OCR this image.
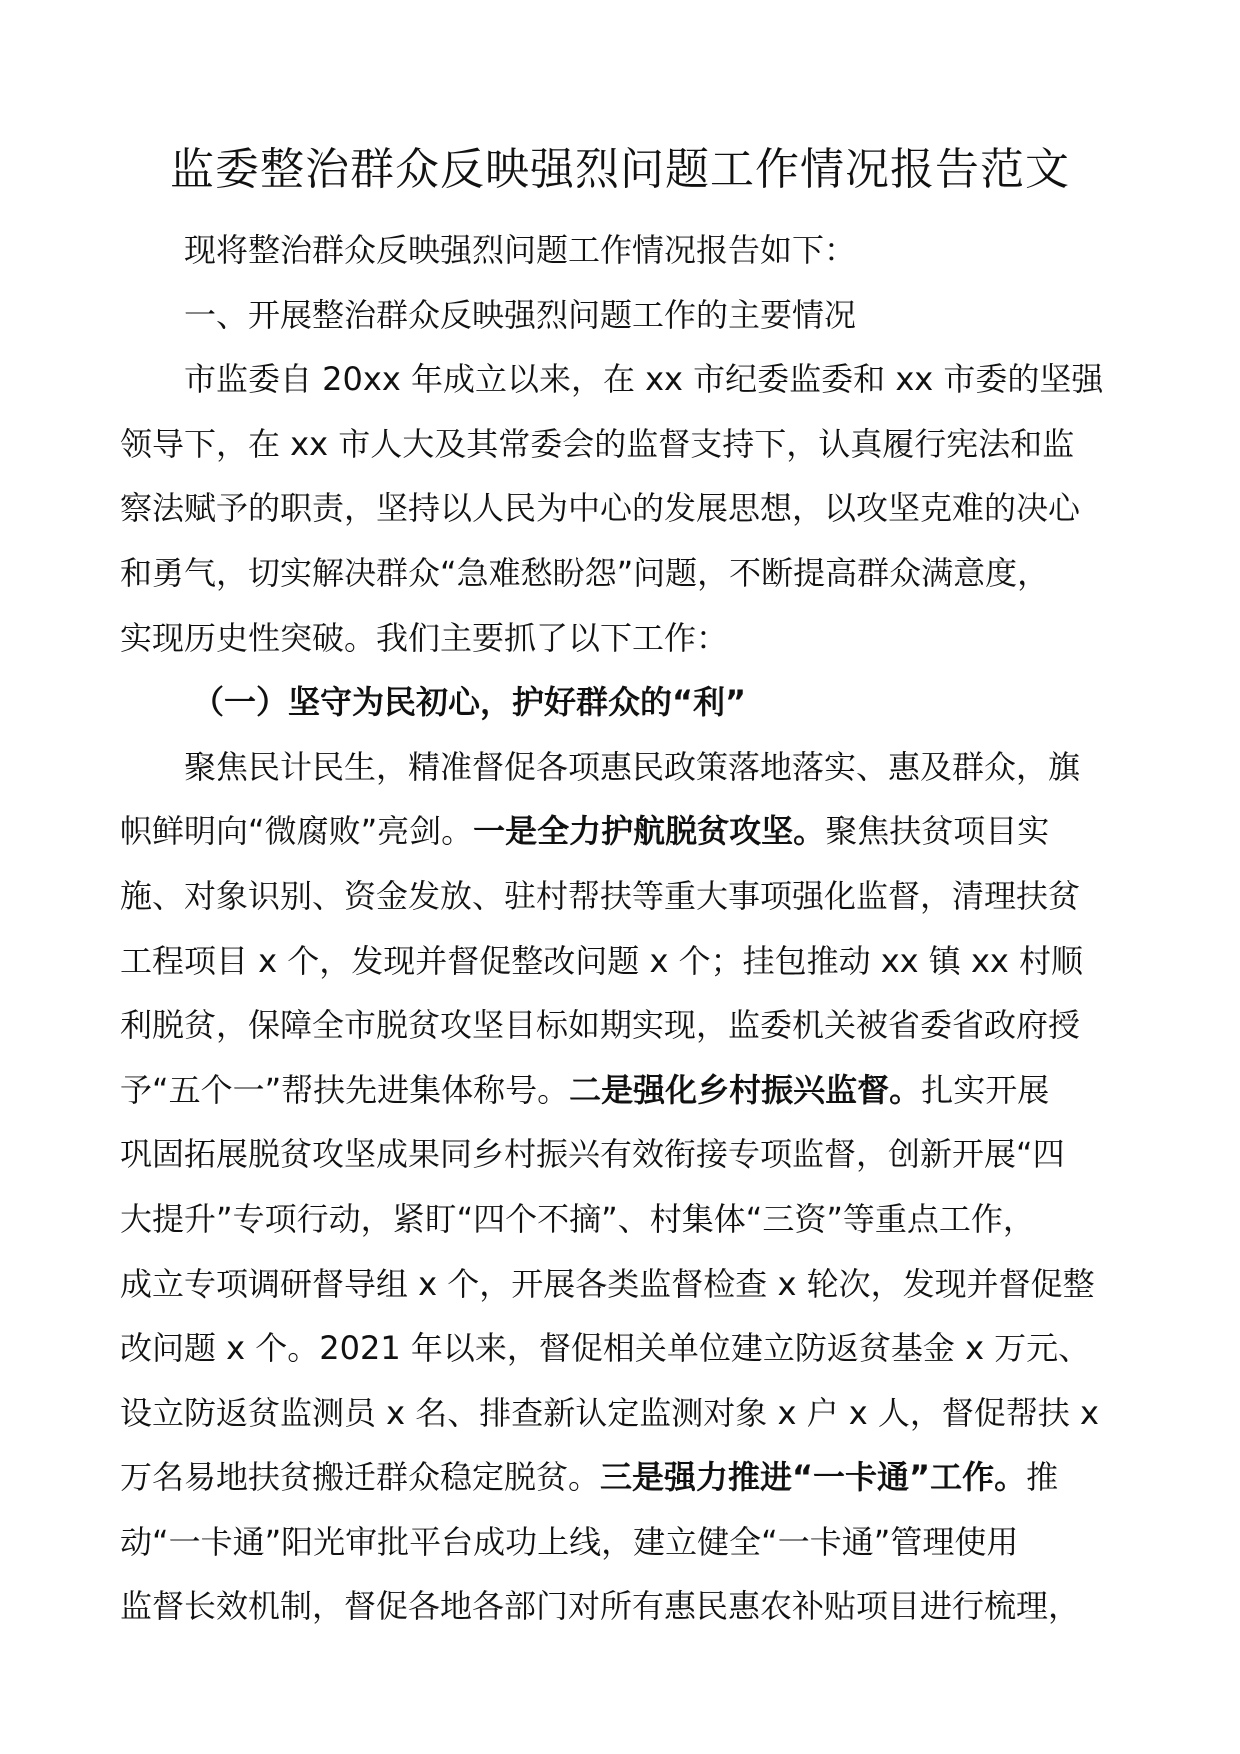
监委整治群众反映强烈问题工作情况报告范文
现将整治群众反映强烈问题工作情况报告如下：
一、开展整治群众反映强烈问题工作的主要情况
市监委自 20xx 年成立以来，在 xx 市纪委监委和 xx 市委的坚强
领导下，在 xx 市人大及其常委会的监督支持下，认真履行宪法和监
察法赋予的职责，坚持以人民为中心的发展思想，以攻坚克难的决心
和勇气，切实解决群众“急难愁盼怨”问题，不断提高群众满意度，
实现历史性突破。我们主要抓了以下工作：
（一）坚守为民初心，护好群众的“利”
聚焦民计民生，精准督促各项惠民政策落地落实、惠及群众，旗
帜鲜明向“微腐败”亮剑。一是全力护航脱贫攻坚。聚焦扶贫项目实
施、对象识别、资金发放、驻村帮扶等重大事项强化监督，清理扶贫
工程项目 x 个，发现并督促整改问题 x 个；挂包推动 xx 镇 xx 村顺
利脱贫，保障全市脱贫攻坚目标如期实现，监委机关被省委省政府授
予“五个一”帮扶先进集体称号。二是强化乡村振兴监督。扎实开展
巩固拓展脱贫攻坚成果同乡村振兴有效衔接专项监督，创新开展“四
大提升”专项行动，紧盯“四个不摘”、村集体“三资”等重点工作，
成立专项调研督导组 x 个，开展各类监督检查 x 轮次，发现并督促整
改问题 x 个。2021 年以来，督促相关单位建立防返贫基金 x 万元、
设立防返贫监测员 x 名、排查新认定监测对象 x 户 x 人，督促帮扶 x
万名易地扶贫搬迁群众稳定脱贫。三是强力推进“一卡通”工作。推
动“一卡通”阳光审批平台成功上线，建立健全“一卡通”管理使用
监督长效机制，督促各地各部门对所有惠民惠农补贴项目进行梳理，
